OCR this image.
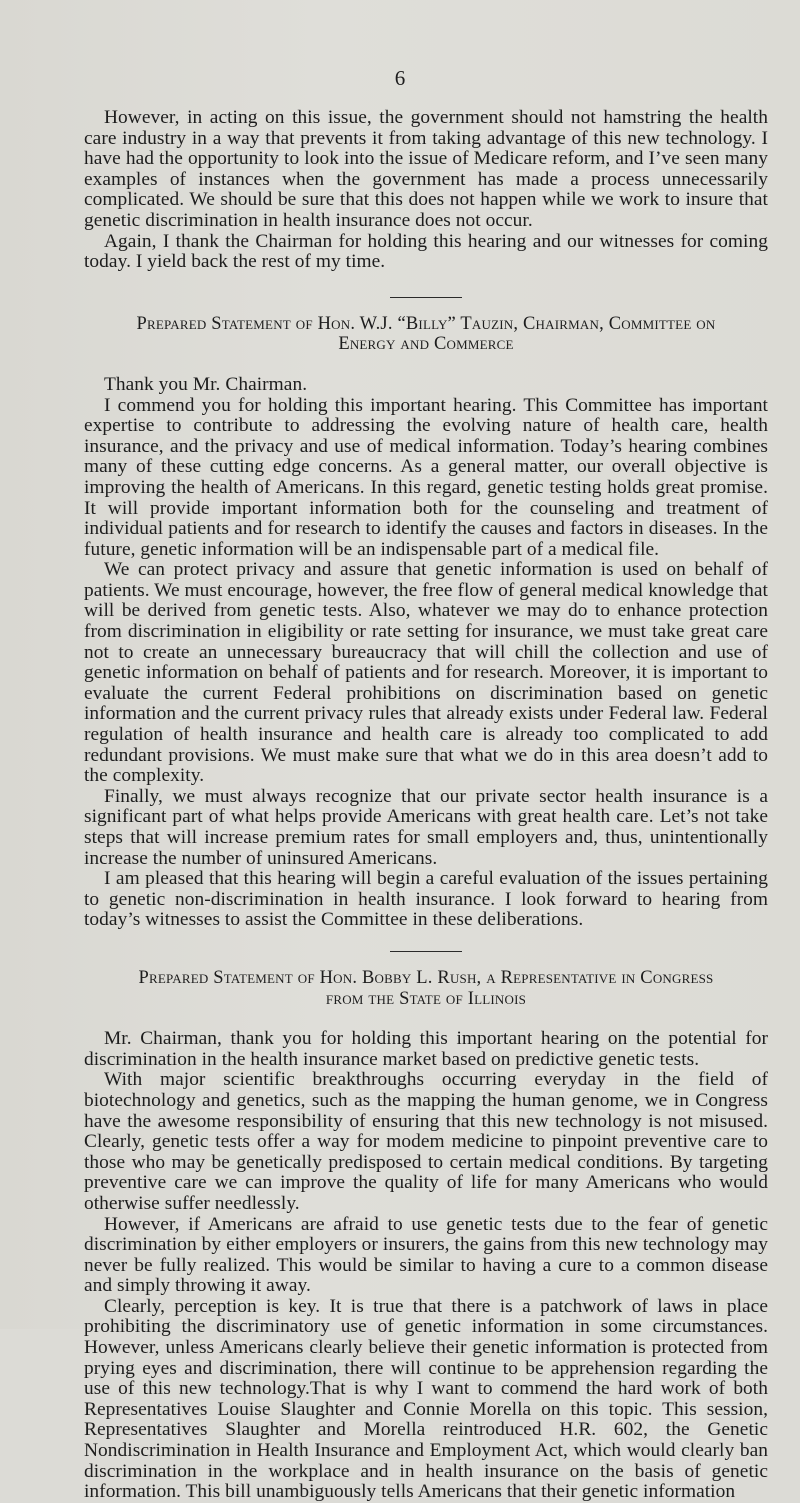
6

However, in acting on this issue, the government should not hamstring the health care industry in a way that prevents it from taking advantage of this new technology. I have had the opportunity to look into the issue of Medicare reform, and I’ve seen many examples of instances when the government has made a process unnecessarily complicated. We should be sure that this does not happen while we work to insure that genetic discrimination in health insurance does not occur.

Again, I thank the Chairman for holding this hearing and our witnesses for coming today. I yield back the rest of my time.

Prepared Statement of Hon. W.J. “Billy” Tauzin, Chairman, Committee on
Energy and Commerce

Thank you Mr. Chairman.

I commend you for holding this important hearing. This Committee has important expertise to contribute to addressing the evolving nature of health care, health insurance, and the privacy and use of medical information. Today’s hearing combines many of these cutting edge concerns. As a general matter, our overall objective is improving the health of Americans. In this regard, genetic testing holds great promise. It will provide important information both for the counseling and treatment of individual patients and for research to identify the causes and factors in diseases. In the future, genetic information will be an indispensable part of a medical file.

We can protect privacy and assure that genetic information is used on behalf of patients. We must encourage, however, the free flow of general medical knowledge that will be derived from genetic tests. Also, whatever we may do to enhance protection from discrimination in eligibility or rate setting for insurance, we must take great care not to create an unnecessary bureaucracy that will chill the collection and use of genetic information on behalf of patients and for research. Moreover, it is important to evaluate the current Federal prohibitions on discrimination based on genetic information and the current privacy rules that already exists under Federal law. Federal regulation of health insurance and health care is already too complicated to add redundant provisions. We must make sure that what we do in this area doesn’t add to the complexity.

Finally, we must always recognize that our private sector health insurance is a significant part of what helps provide Americans with great health care. Let’s not take steps that will increase premium rates for small employers and, thus, unintentionally increase the number of uninsured Americans.

I am pleased that this hearing will begin a careful evaluation of the issues pertaining to genetic non-discrimination in health insurance. I look forward to hearing from today’s witnesses to assist the Committee in these deliberations.

Prepared Statement of Hon. Bobby L. Rush, a Representative in Congress
from the State of Illinois

Mr. Chairman, thank you for holding this important hearing on the potential for discrimination in the health insurance market based on predictive genetic tests.

With major scientific breakthroughs occurring everyday in the field of biotechnology and genetics, such as the mapping the human genome, we in Congress have the awesome responsibility of ensuring that this new technology is not misused. Clearly, genetic tests offer a way for modem medicine to pinpoint preventive care to those who may be genetically predisposed to certain medical conditions. By targeting preventive care we can improve the quality of life for many Americans who would otherwise suffer needlessly.

However, if Americans are afraid to use genetic tests due to the fear of genetic discrimination by either employers or insurers, the gains from this new technology may never be fully realized. This would be similar to having a cure to a common disease and simply throwing it away.

Clearly, perception is key. It is true that there is a patchwork of laws in place prohibiting the discriminatory use of genetic information in some circumstances. However, unless Americans clearly believe their genetic information is protected from prying eyes and discrimination, there will continue to be apprehension regarding the use of this new technology.That is why I want to commend the hard work of both Representatives Louise Slaughter and Connie Morella on this topic. This session, Representatives Slaughter and Morella reintroduced H.R. 602, the Genetic Nondiscrimination in Health Insurance and Employment Act, which would clearly ban discrimination in the workplace and in health insurance on the basis of genetic information. This bill unambiguously tells Americans that their genetic information
